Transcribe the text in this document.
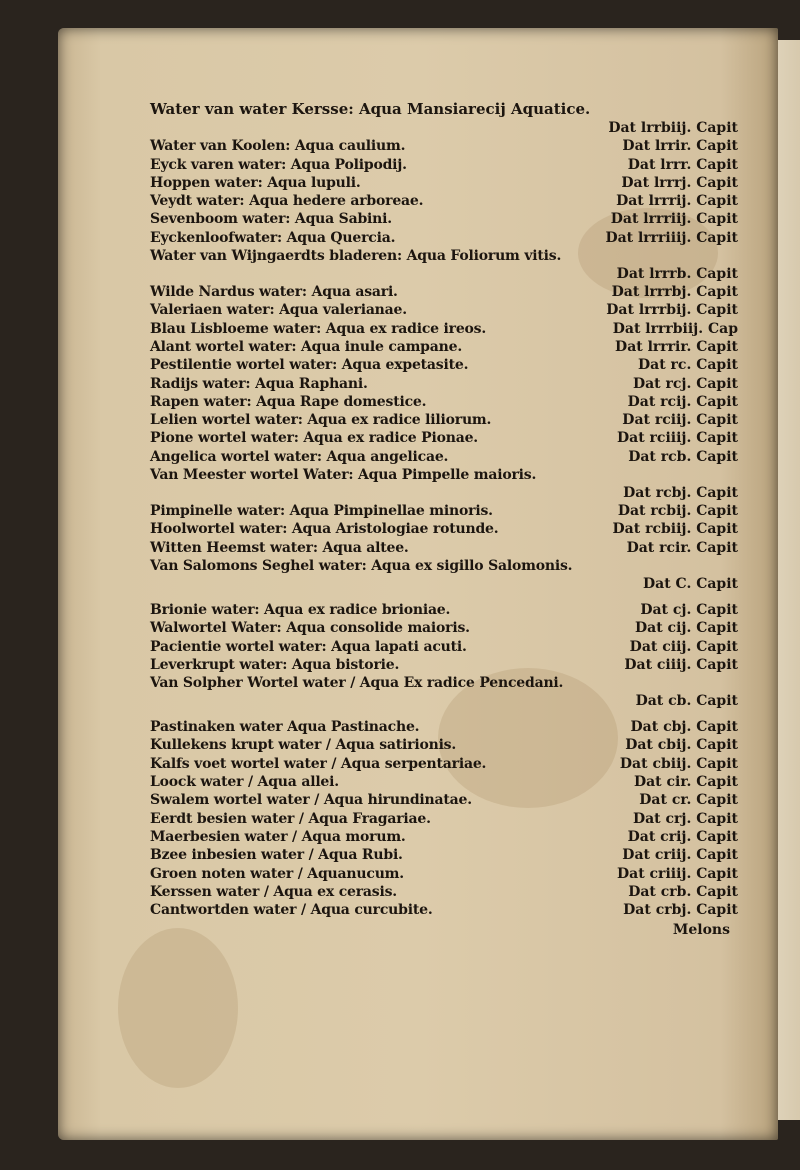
Water van water Kersse: Aqua Mansiarecij Aquatice.
Dat lrrbiij. Capit
Water van Koolen: Aqua caulium.	Dat lrrir. Capit
Eyck varen water: Aqua Polipodij.	Dat lrrr. Capit
Hoppen water: Aqua lupuli.	Dat lrrrj. Capit
Veydt water: Aqua hedere arboreae.	Dat lrrrij. Capit
Sevenboom water: Aqua Sabini.	Dat lrrriij. Capit
Eyckenloofwater: Aqua Quercia.	Dat lrrriiij. Capit
Water van Wijngaerdts bladeren: Aqua Foliorum vitis.
Dat lrrrb. Capit
Wilde Nardus water: Aqua asari.	Dat lrrrbj. Capit
Valeriaen water: Aqua valerianae.	Dat lrrrbij. Capit
Blau Lisbloeme water: Aqua ex radice ireos.	Dat lrrrbiij. Cap
Alant wortel water: Aqua inule campane.	Dat lrrrir. Capit
Pestilentie wortel water: Aqua expetasite.	Dat rc. Capit
Radijs water: Aqua Raphani.	Dat rcj. Capit
Rapen water: Aqua Rape domestice.	Dat rcij. Capit
Lelien wortel water: Aqua ex radice liliorum.	Dat rciij. Capit
Pione wortel water: Aqua ex radice Pionae.	Dat rciiij. Capit
Angelica wortel water: Aqua angelicae.	Dat rcb. Capit
Van Meester wortel Water: Aqua Pimpelle maioris.
Dat rcbj. Capit
Pimpinelle water: Aqua Pimpinellae minoris.	Dat rcbij. Capit
Hoolwortel water: Aqua Aristologiae rotunde.	Dat rcbiij. Capit
Witten Heemst water: Aqua altee.	Dat rcir. Capit
Van Salomons Seghel water: Aqua ex sigillo Salomonis.
Dat C. Capit
Brionie water: Aqua ex radice brioniae.	Dat cj. Capit
Walwortel Water: Aqua consolide maioris.	Dat cij. Capit
Pacientie wortel water: Aqua lapati acuti.	Dat ciij. Capit
Leverkrupt water: Aqua bistorie.	Dat ciiij. Capit
Van Solpher Wortel water / Aqua Ex radice Pencedani.
Dat cb. Capit
Pastinaken water Aqua Pastinache.	Dat cbj. Capit
Kullekens krupt water / Aqua satirionis.	Dat cbij. Capit
Kalfs voet wortel water / Aqua serpentariae.	Dat cbiij. Capit
Loock water / Aqua allei.	Dat cir. Capit
Swalem wortel water / Aqua hirundinatae.	Dat cr. Capit
Eerdt besien water / Aqua Fragariae.	Dat crj. Capit
Maerbesien water / Aqua morum.	Dat crij. Capit
Bzee inbesien water / Aqua Rubi.	Dat criij. Capit
Groen noten water / Aquanucum.	Dat criiij. Capit
Kerssen water / Aqua ex cerasis.	Dat crb. Capit
Cantwortden water / Aqua curcubite.	Dat crbj. Capit
Melons
